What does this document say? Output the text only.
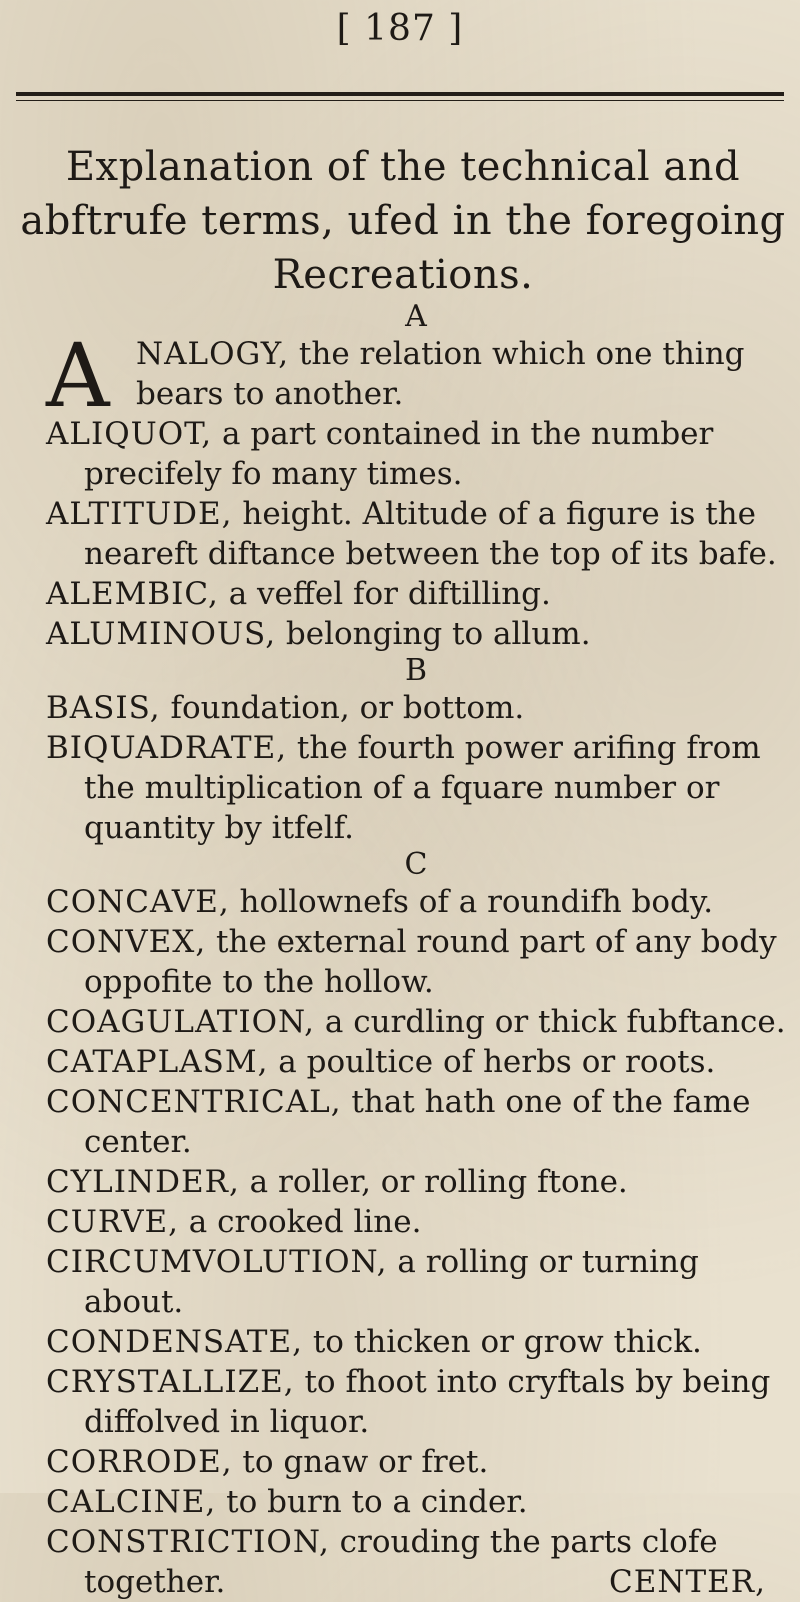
[ 187 ]
Explanation of the technical and abftrufe terms, ufed in the foregoing Recreations.
A

A NALOGY, the relation which one thing bears to another.

ALIQUOT, a part contained in the number precifely fo many times.

ALTITUDE, height. Altitude of a figure is the neareft diftance between the top of its bafe.

ALEMBIC, a veffel for diftilling.

ALUMINOUS, belonging to allum.

B

BASIS, foundation, or bottom.

BIQUADRATE, the fourth power arifing from the multiplication of a fquare number or quantity by itfelf.

C

CONCAVE, hollownefs of a roundifh body.

CONVEX, the external round part of any body oppofite to the hollow.

COAGULATION, a curdling or thick fubftance.

CATAPLASM, a poultice of herbs or roots.

CONCENTRICAL, that hath one of the fame center.

CYLINDER, a roller, or rolling ftone.

CURVE, a crooked line.

CIRCUMVOLUTION, a rolling or turning about.

CONDENSATE, to thicken or grow thick.

CRYSTALLIZE, to fhoot into cryftals by being diffolved in liquor.

CORRODE, to gnaw or fret.

CALCINE, to burn to a cinder.

CONSTRICTION, crouding the parts clofe together.	CENTER,
